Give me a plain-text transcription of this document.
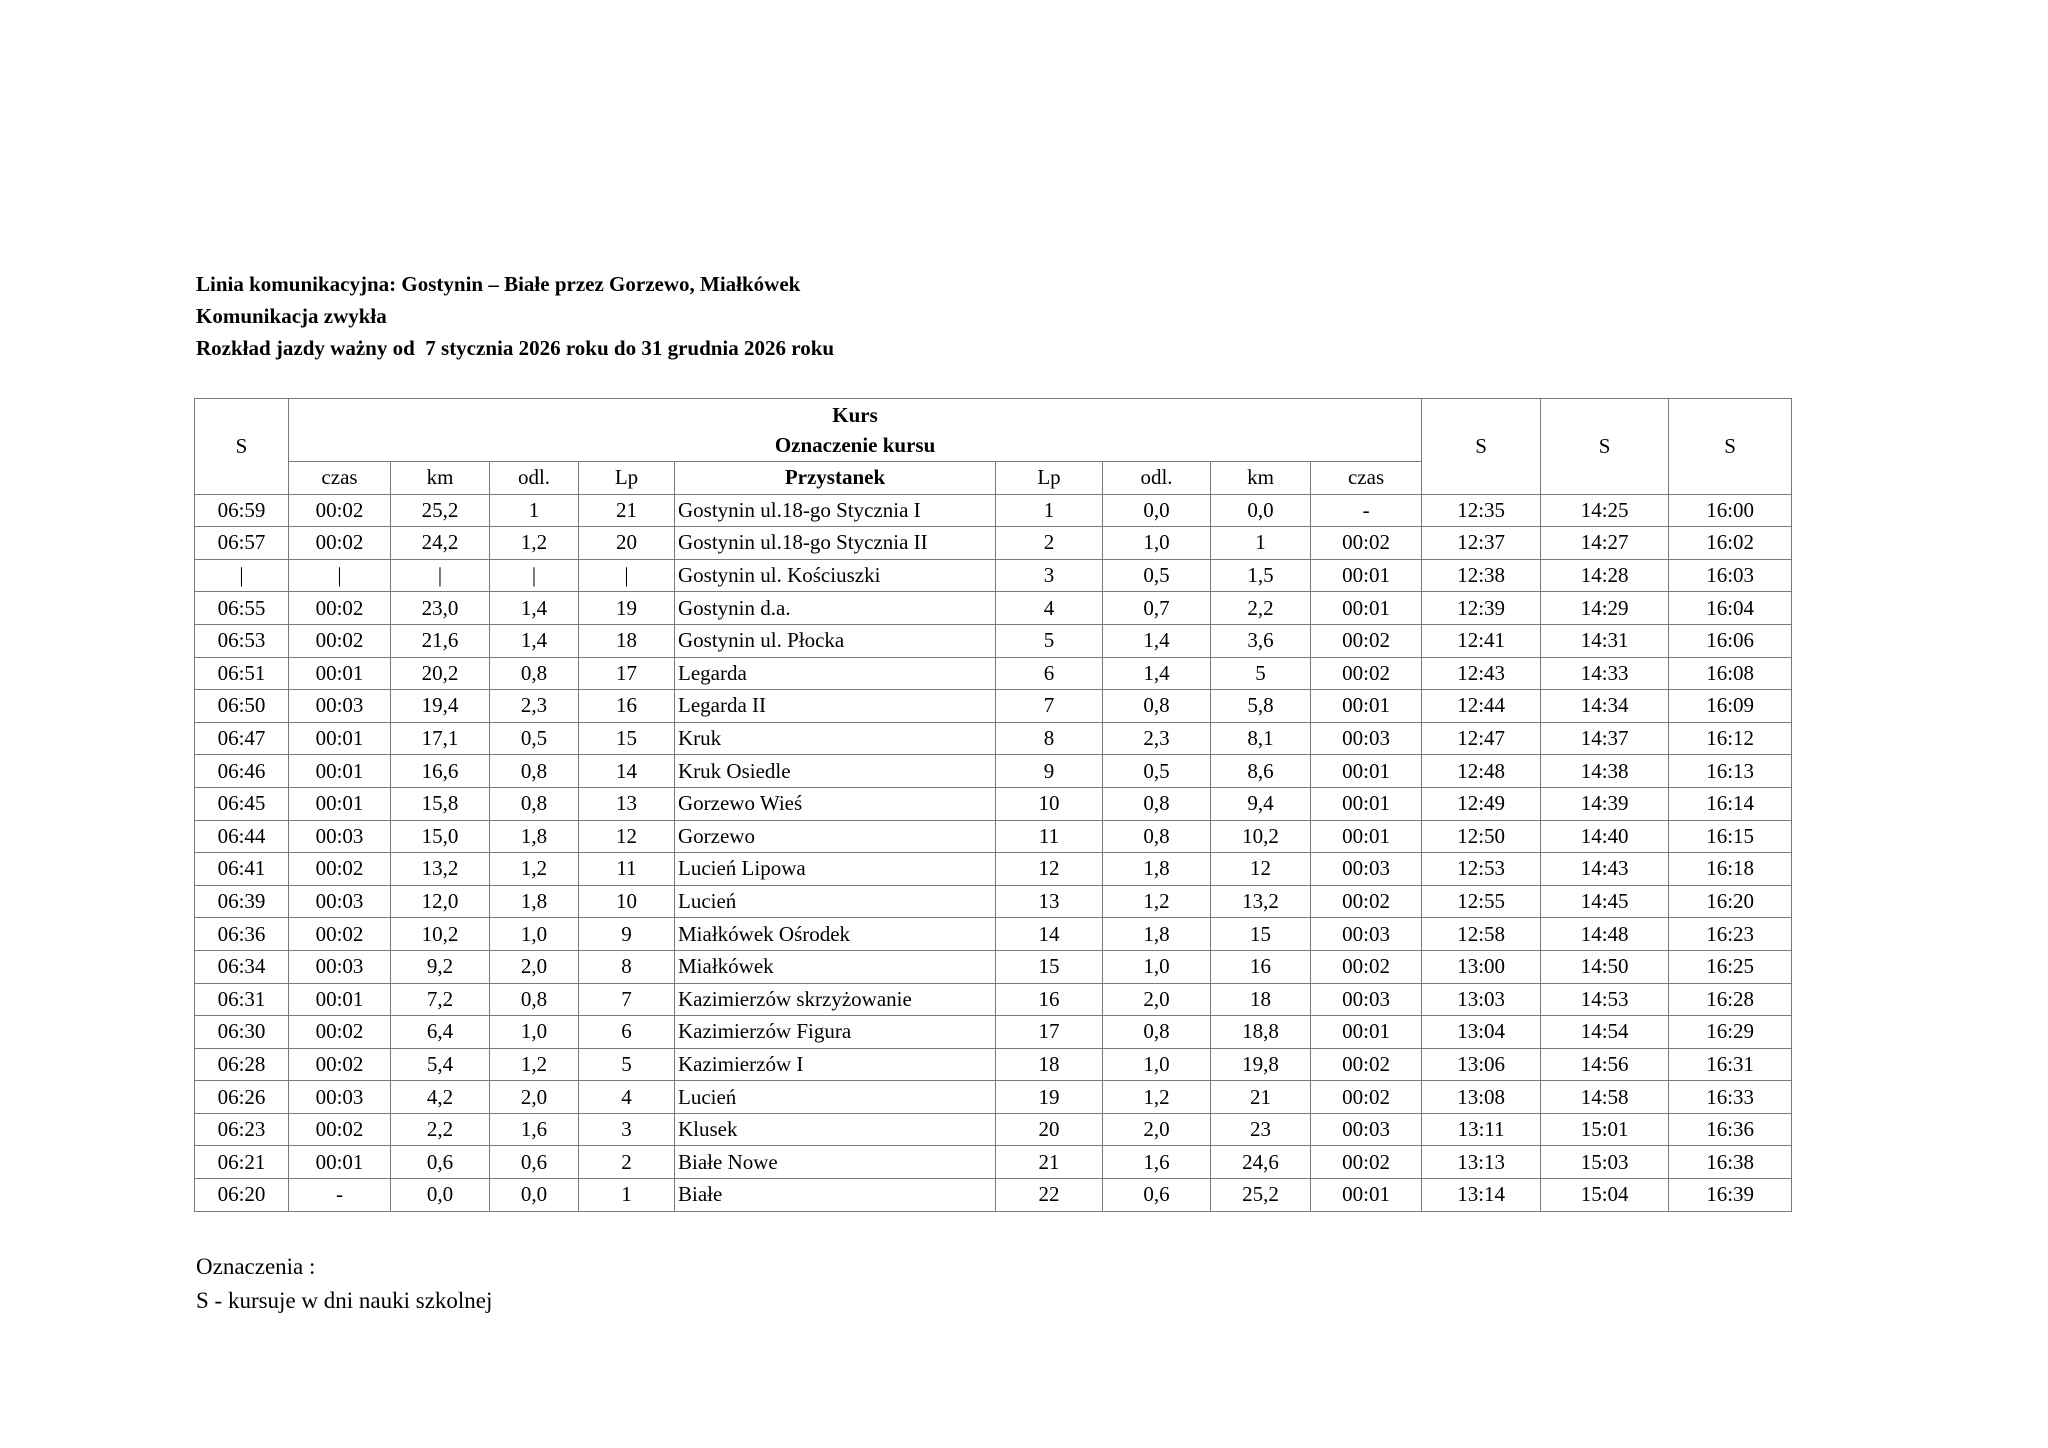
Linia komunikacyjna: Gostynin – Białe przez Gorzewo, Miałkówek
Komunikacja zwykła
Rozkład jazdy ważny od  7 stycznia 2026 roku do 31 grudnia 2026 roku
S	Kurs
Oznaczenie kursu									S	S	S
	czas	km	odl.	Lp	Przystanek	Lp	odl.	km	czas			
06:59	00:02	25,2	1	21	Gostynin ul.18-go Stycznia I	1	0,0	0,0	-	12:35	14:25	16:00
06:57	00:02	24,2	1,2	20	Gostynin ul.18-go Stycznia II	2	1,0	1	00:02	12:37	14:27	16:02
|	|	|	|	|	Gostynin ul. Kościuszki	3	0,5	1,5	00:01	12:38	14:28	16:03
06:55	00:02	23,0	1,4	19	Gostynin d.a.	4	0,7	2,2	00:01	12:39	14:29	16:04
06:53	00:02	21,6	1,4	18	Gostynin ul. Płocka	5	1,4	3,6	00:02	12:41	14:31	16:06
06:51	00:01	20,2	0,8	17	Legarda	6	1,4	5	00:02	12:43	14:33	16:08
06:50	00:03	19,4	2,3	16	Legarda II	7	0,8	5,8	00:01	12:44	14:34	16:09
06:47	00:01	17,1	0,5	15	Kruk	8	2,3	8,1	00:03	12:47	14:37	16:12
06:46	00:01	16,6	0,8	14	Kruk Osiedle	9	0,5	8,6	00:01	12:48	14:38	16:13
06:45	00:01	15,8	0,8	13	Gorzewo Wieś	10	0,8	9,4	00:01	12:49	14:39	16:14
06:44	00:03	15,0	1,8	12	Gorzewo	11	0,8	10,2	00:01	12:50	14:40	16:15
06:41	00:02	13,2	1,2	11	Lucień Lipowa	12	1,8	12	00:03	12:53	14:43	16:18
06:39	00:03	12,0	1,8	10	Lucień	13	1,2	13,2	00:02	12:55	14:45	16:20
06:36	00:02	10,2	1,0	9	Miałkówek Ośrodek	14	1,8	15	00:03	12:58	14:48	16:23
06:34	00:03	9,2	2,0	8	Miałkówek	15	1,0	16	00:02	13:00	14:50	16:25
06:31	00:01	7,2	0,8	7	Kazimierzów skrzyżowanie	16	2,0	18	00:03	13:03	14:53	16:28
06:30	00:02	6,4	1,0	6	Kazimierzów Figura	17	0,8	18,8	00:01	13:04	14:54	16:29
06:28	00:02	5,4	1,2	5	Kazimierzów I	18	1,0	19,8	00:02	13:06	14:56	16:31
06:26	00:03	4,2	2,0	4	Lucień	19	1,2	21	00:02	13:08	14:58	16:33
06:23	00:02	2,2	1,6	3	Klusek	20	2,0	23	00:03	13:11	15:01	16:36
06:21	00:01	0,6	0,6	2	Białe Nowe	21	1,6	24,6	00:02	13:13	15:03	16:38
06:20	-	0,0	0,0	1	Białe	22	0,6	25,2	00:01	13:14	15:04	16:39
Oznaczenia :
S - kursuje w dni nauki szkolnej
